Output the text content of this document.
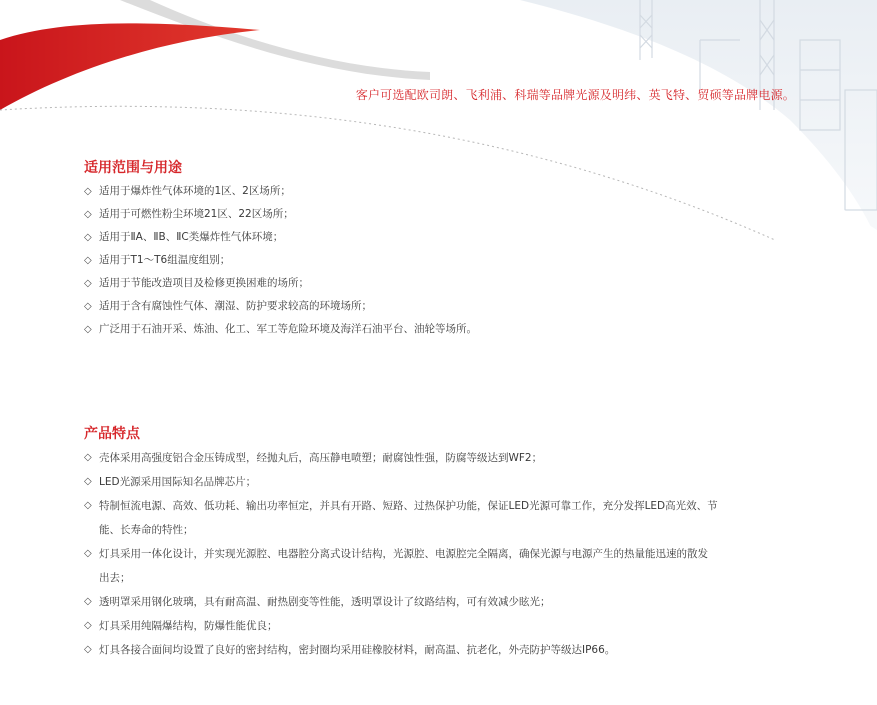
客户可选配欧司朗、飞利浦、科瑞等品牌光源及明纬、英飞特、贸硕等品牌电源。
适用范围与用途
◇ 适用于爆炸性气体环境的1区、2区场所；
◇ 适用于可燃性粉尘环境21区、22区场所；
◇ 适用于ⅡA、ⅡB、ⅡC类爆炸性气体环境；
◇ 适用于T1～T6组温度组别；
◇ 适用于节能改造项目及检修更换困难的场所；
◇ 适用于含有腐蚀性气体、潮湿、防护要求较高的环境场所；
◇ 广泛用于石油开采、炼油、化工、军工等危险环境及海洋石油平台、油轮等场所。
产品特点
◇ 壳体采用高强度铝合金压铸成型，经抛丸后，高压静电喷塑；耐腐蚀性强，防腐等级达到WF2；
◇ LED光源采用国际知名品牌芯片；
◇ 特制恒流电源、高效、低功耗、输出功率恒定，并具有开路、短路、过热保护功能，保证LED光源可靠工作，充分发挥LED高光效、节
能、长寿命的特性；
◇ 灯具采用一体化设计，并实现光源腔、电器腔分离式设计结构，光源腔、电源腔完全隔离，确保光源与电源产生的热量能迅速的散发
出去；
◇ 透明罩采用钢化玻璃，具有耐高温、耐热剧变等性能，透明罩设计了纹路结构，可有效减少眩光；
◇ 灯具采用纯隔爆结构，防爆性能优良；
◇ 灯具各接合面间均设置了良好的密封结构，密封圈均采用硅橡胶材料，耐高温、抗老化，外壳防护等级达IP66。
